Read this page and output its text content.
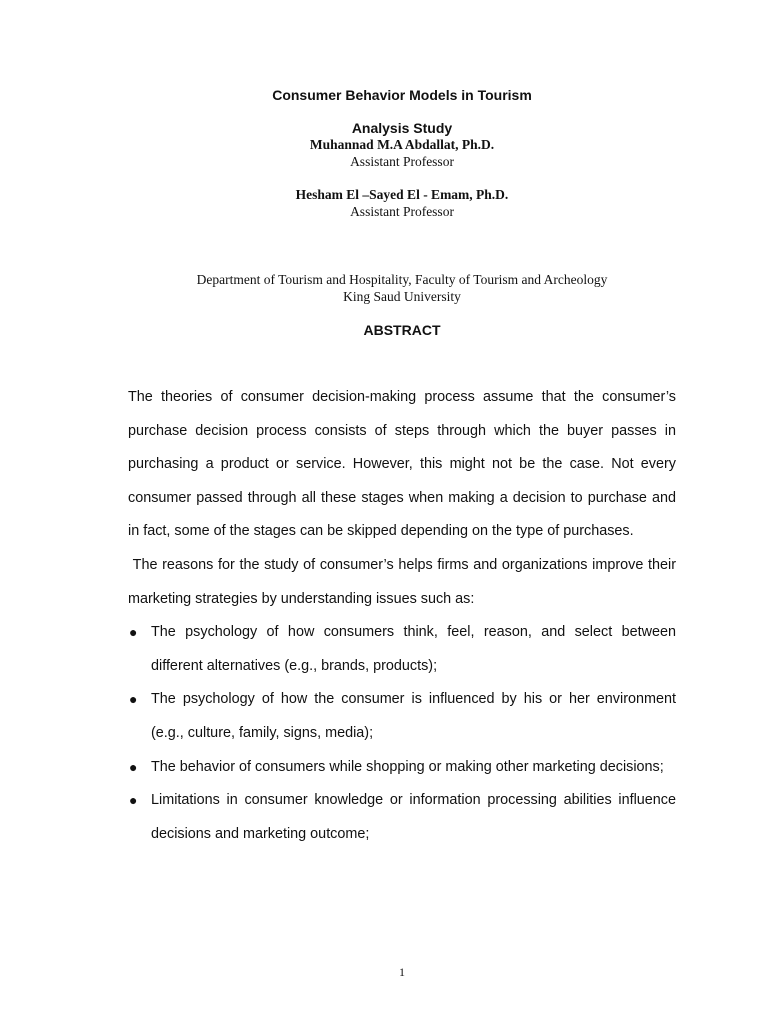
Consumer Behavior Models in Tourism
Analysis Study
Muhannad M.A Abdallat, Ph.D.
Assistant Professor
Hesham El –Sayed El - Emam, Ph.D.
Assistant Professor
Department of Tourism and Hospitality, Faculty of Tourism and Archeology
King Saud University
ABSTRACT

The theories of consumer decision-making process assume that the consumer’s purchase decision process consists of steps through which the buyer passes in purchasing a product or service. However, this might not be the case. Not every consumer passed through all these stages when making a decision to purchase and in fact, some of the stages can be skipped depending on the type of purchases.

The reasons for the study of consumer’s helps firms and organizations improve their marketing strategies by understanding issues such as:

● The psychology of how consumers think, feel, reason, and select between different alternatives (e.g., brands, products);
● The psychology of how the consumer is influenced by his or her environment (e.g., culture, family, signs, media);
● The behavior of consumers while shopping or making other marketing decisions;
● Limitations in consumer knowledge or information processing abilities influence decisions and marketing outcome;
1
